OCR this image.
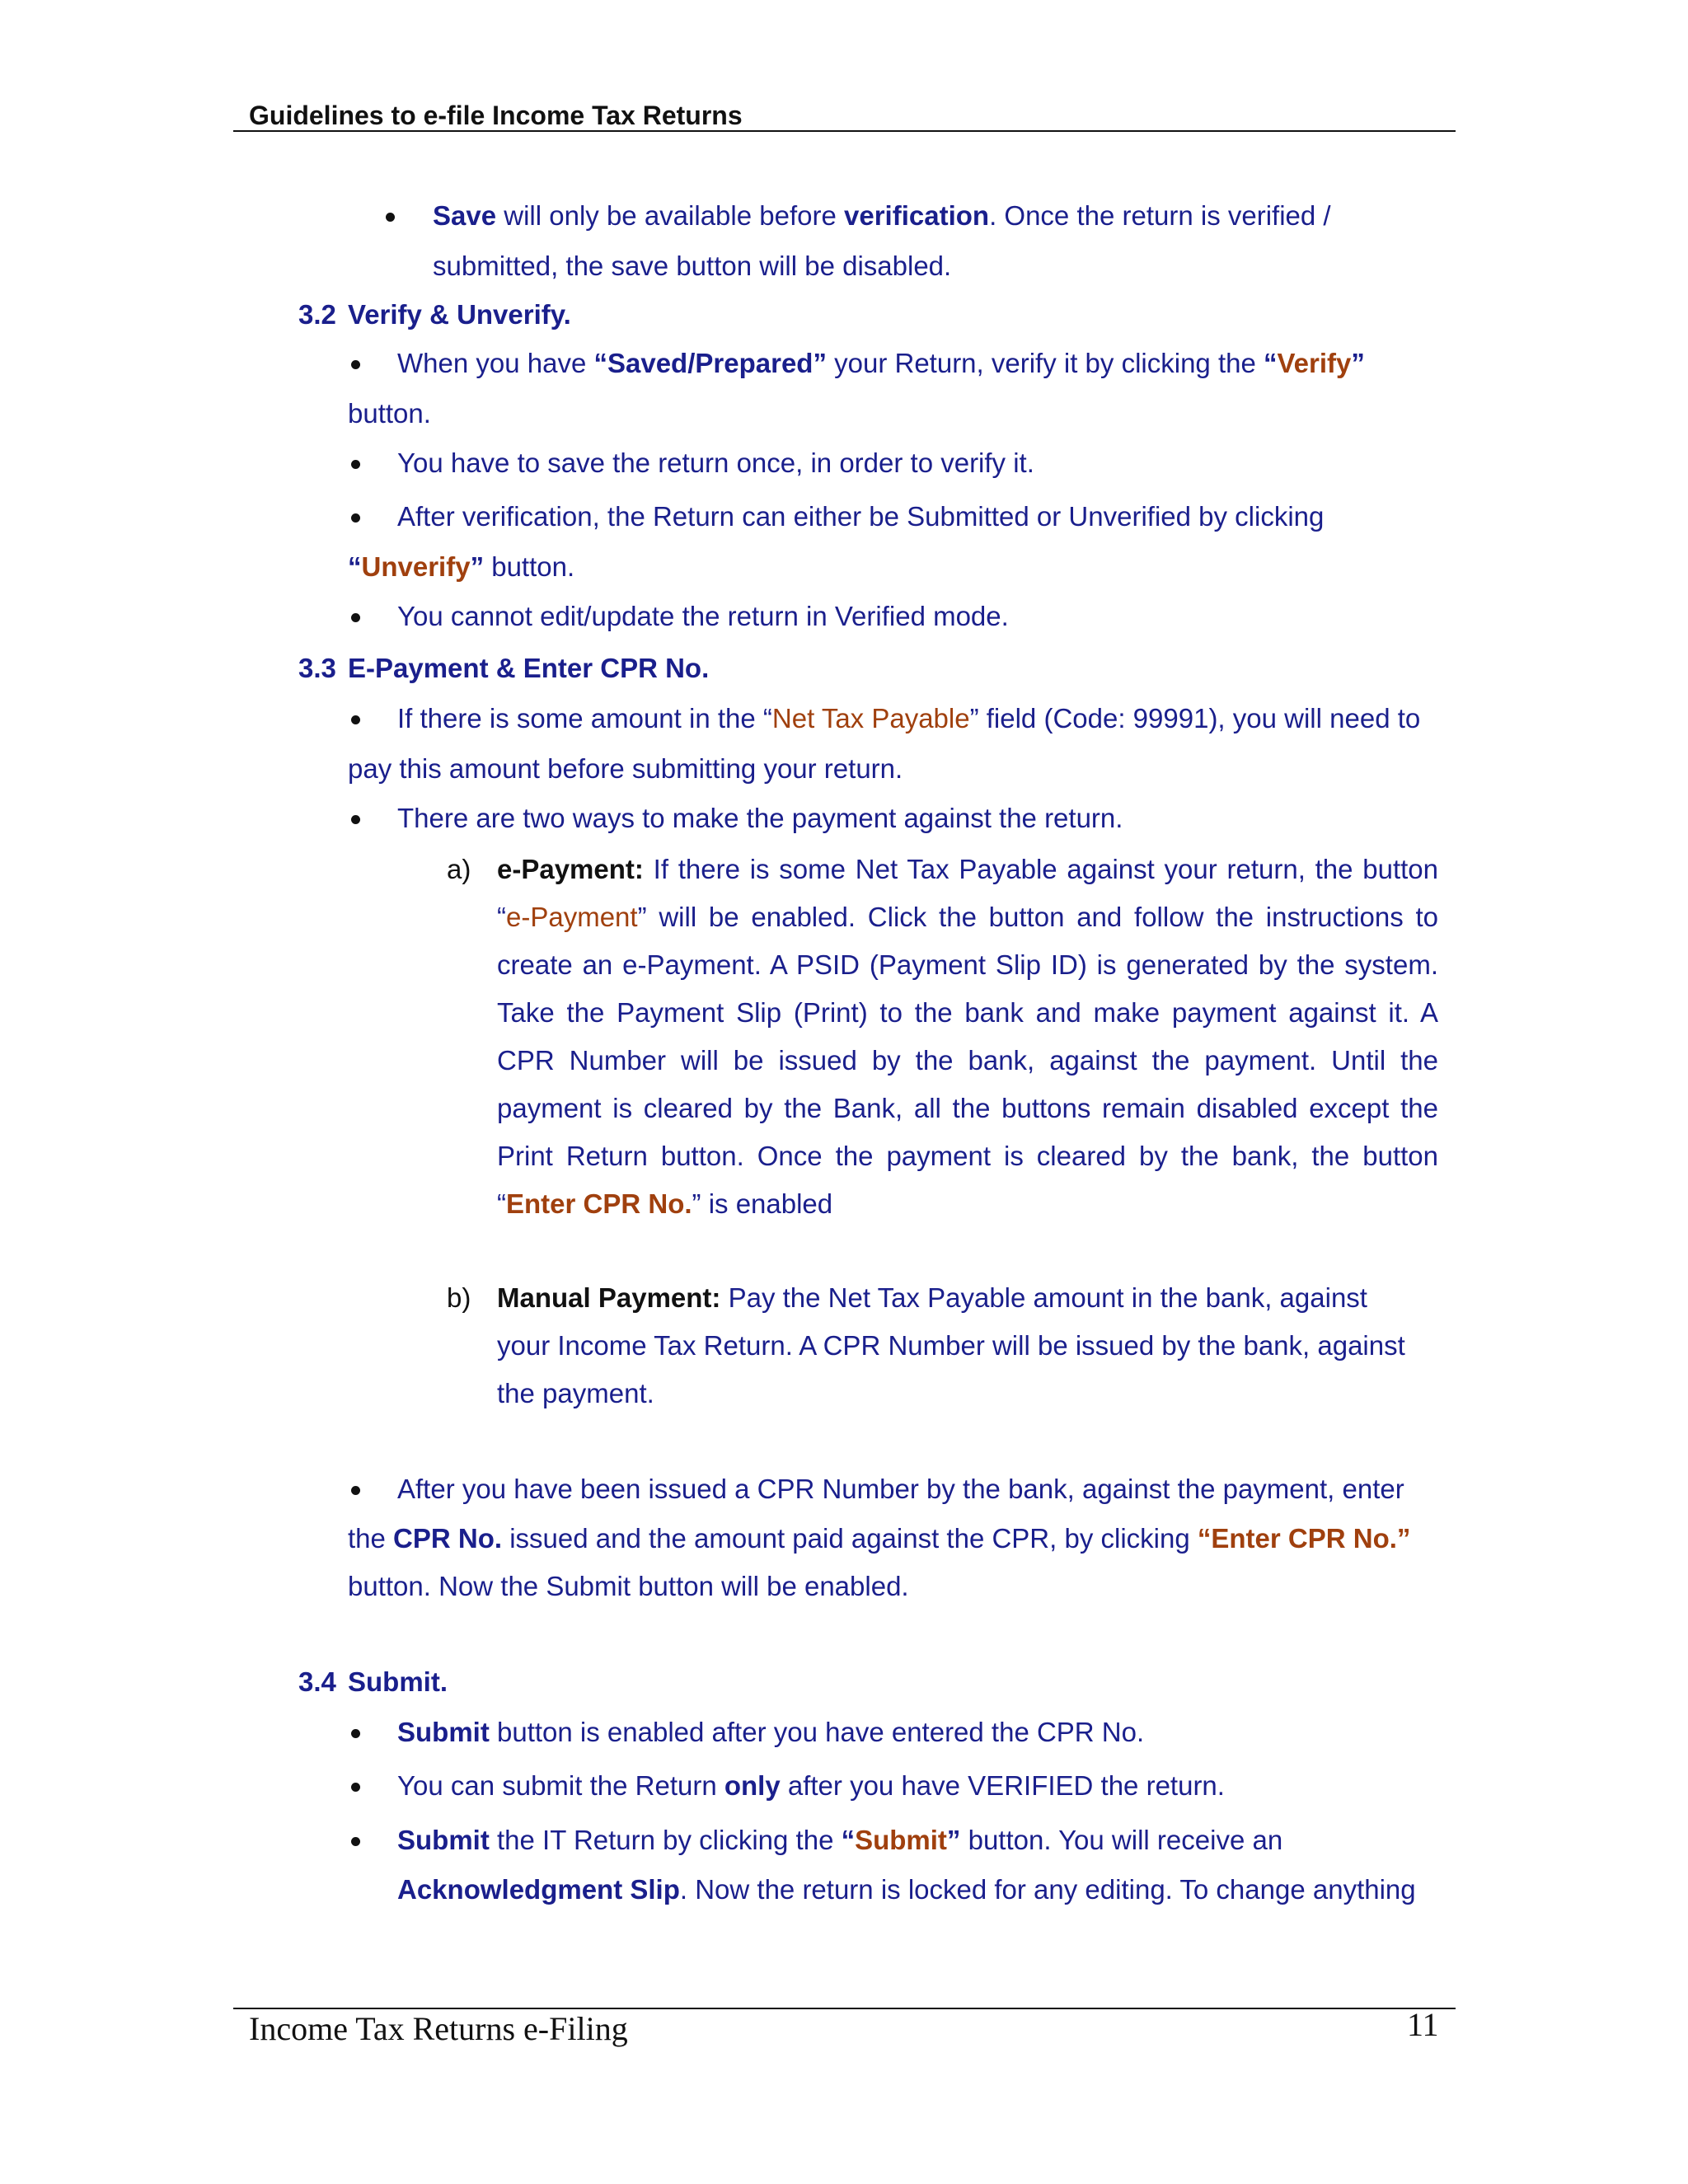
Guidelines to e-file Income Tax Returns
Save will only be available before verification. Once the return is verified /
submitted, the save button will be disabled.
3.2 Verify & Unverify.
When you have “Saved/Prepared” your Return, verify it by clicking the “Verify”
button.
You have to save the return once, in order to verify it.
After verification, the Return can either be Submitted or Unverified by clicking
“Unverify” button.
You cannot edit/update the return in Verified mode.
3.3 E-Payment & Enter CPR No.
If there is some amount in the “Net Tax Payable” field (Code: 99991), you will need to
pay this amount before submitting your return.
There are two ways to make the payment against the return.
a) e-Payment: If there is some Net Tax Payable against your return, the button
“e-Payment” will be enabled. Click the button and follow the instructions to
create an e-Payment. A PSID (Payment Slip ID) is generated by the system.
Take the Payment Slip (Print) to the bank and make payment against it. A
CPR Number will be issued by the bank, against the payment. Until the
payment is cleared by the Bank, all the buttons remain disabled except the
Print Return button. Once the payment is cleared by the bank, the button
“Enter CPR No.” is enabled
b) Manual Payment: Pay the Net Tax Payable amount in the bank, against
your Income Tax Return. A CPR Number will be issued by the bank, against
the payment.
After you have been issued a CPR Number by the bank, against the payment, enter
the CPR No. issued and the amount paid against the CPR, by clicking “Enter CPR No.”
button. Now the Submit button will be enabled.
3.4 Submit.
Submit button is enabled after you have entered the CPR No.
You can submit the Return only after you have VERIFIED the return.
Submit the IT Return by clicking the “Submit” button. You will receive an
Acknowledgment Slip. Now the return is locked for any editing. To change anything
Income Tax Returns e-Filing	11
